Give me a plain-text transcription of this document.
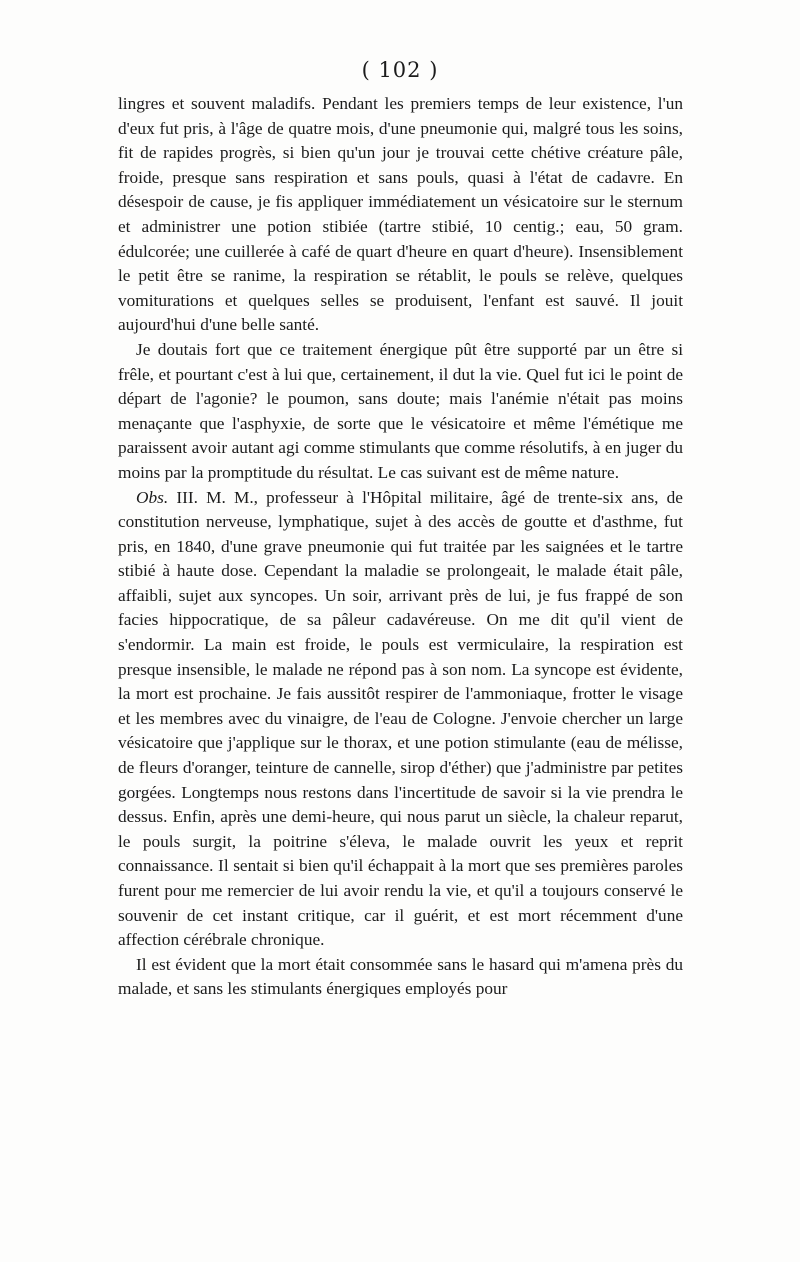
( 102 )

lingres et souvent maladifs. Pendant les premiers temps de leur existence, l'un d'eux fut pris, à l'âge de quatre mois, d'une pneumonie qui, malgré tous les soins, fit de rapides progrès, si bien qu'un jour je trouvai cette chétive créature pâle, froide, presque sans respiration et sans pouls, quasi à l'état de cadavre. En désespoir de cause, je fis appliquer immédiatement un vésicatoire sur le sternum et administrer une potion stibiée (tartre stibié, 10 centig.; eau, 50 gram. édulcorée; une cuillerée à café de quart d'heure en quart d'heure). Insensiblement le petit être se ranime, la respiration se rétablit, le pouls se relève, quelques vomiturations et quelques selles se produisent, l'enfant est sauvé. Il jouit aujourd'hui d'une belle santé.

Je doutais fort que ce traitement énergique pût être supporté par un être si frêle, et pourtant c'est à lui que, certainement, il dut la vie. Quel fut ici le point de départ de l'agonie? le poumon, sans doute; mais l'anémie n'était pas moins menaçante que l'asphyxie, de sorte que le vésicatoire et même l'émétique me paraissent avoir autant agi comme stimulants que comme résolutifs, à en juger du moins par la promptitude du résultat. Le cas suivant est de même nature.

Obs. III. M. M., professeur à l'Hôpital militaire, âgé de trente-six ans, de constitution nerveuse, lymphatique, sujet à des accès de goutte et d'asthme, fut pris, en 1840, d'une grave pneumonie qui fut traitée par les saignées et le tartre stibié à haute dose. Cependant la maladie se prolongeait, le malade était pâle, affaibli, sujet aux syncopes. Un soir, arrivant près de lui, je fus frappé de son facies hippocratique, de sa pâleur cadavéreuse. On me dit qu'il vient de s'endormir. La main est froide, le pouls est vermiculaire, la respiration est presque insensible, le malade ne répond pas à son nom. La syncope est évidente, la mort est prochaine. Je fais aussitôt respirer de l'ammoniaque, frotter le visage et les membres avec du vinaigre, de l'eau de Cologne. J'envoie chercher un large vésicatoire que j'applique sur le thorax, et une potion stimulante (eau de mélisse, de fleurs d'oranger, teinture de cannelle, sirop d'éther) que j'administre par petites gorgées. Longtemps nous restons dans l'incertitude de savoir si la vie prendra le dessus. Enfin, après une demi-heure, qui nous parut un siècle, la chaleur reparut, le pouls surgit, la poitrine s'éleva, le malade ouvrit les yeux et reprit connaissance. Il sentait si bien qu'il échappait à la mort que ses premières paroles furent pour me remercier de lui avoir rendu la vie, et qu'il a toujours conservé le souvenir de cet instant critique, car il guérit, et est mort récemment d'une affection cérébrale chronique.

Il est évident que la mort était consommée sans le hasard qui m'amena près du malade, et sans les stimulants énergiques employés pour
